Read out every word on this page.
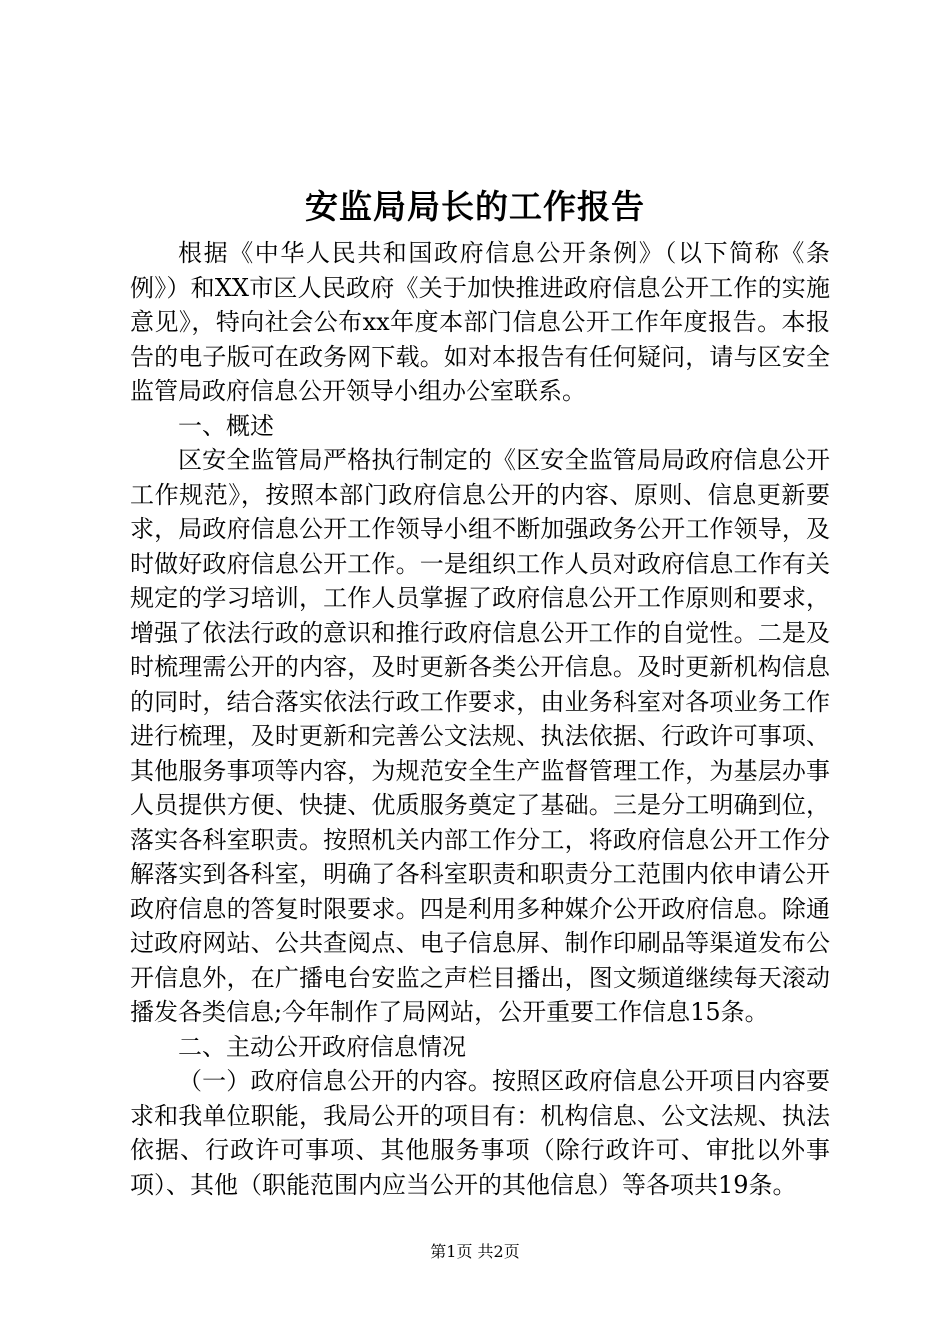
安监局局长的工作报告

根据《中华人民共和国政府信息公开条例》（以下简称《条例》）和XX市区人民政府《关于加快推进政府信息公开工作的实施意见》，特向社会公布xx年度本部门信息公开工作年度报告。本报告的电子版可在政务网下载。如对本报告有任何疑问，请与区安全监管局政府信息公开领导小组办公室联系。

一、概述

区安全监管局严格执行制定的《区安全监管局局政府信息公开工作规范》，按照本部门政府信息公开的内容、原则、信息更新要求，局政府信息公开工作领导小组不断加强政务公开工作领导，及时做好政府信息公开工作。一是组织工作人员对政府信息工作有关规定的学习培训，工作人员掌握了政府信息公开工作原则和要求，增强了依法行政的意识和推行政府信息公开工作的自觉性。二是及时梳理需公开的内容，及时更新各类公开信息。及时更新机构信息的同时，结合落实依法行政工作要求，由业务科室对各项业务工作进行梳理，及时更新和完善公文法规、执法依据、行政许可事项、其他服务事项等内容，为规范安全生产监督管理工作，为基层办事人员提供方便、快捷、优质服务奠定了基础。三是分工明确到位，落实各科室职责。按照机关内部工作分工，将政府信息公开工作分解落实到各科室，明确了各科室职责和职责分工范围内依申请公开政府信息的答复时限要求。四是利用多种媒介公开政府信息。除通过政府网站、公共查阅点、电子信息屏、制作印刷品等渠道发布公开信息外，在广播电台安监之声栏目播出，图文频道继续每天滚动播发各类信息;今年制作了局网站，公开重要工作信息15条。

二、主动公开政府信息情况

（一）政府信息公开的内容。按照区政府信息公开项目内容要求和我单位职能，我局公开的项目有：机构信息、公文法规、执法依据、行政许可事项、其他服务事项（除行政许可、审批以外事项）、其他（职能范围内应当公开的其他信息）等各项共19条。

第1页 共2页
